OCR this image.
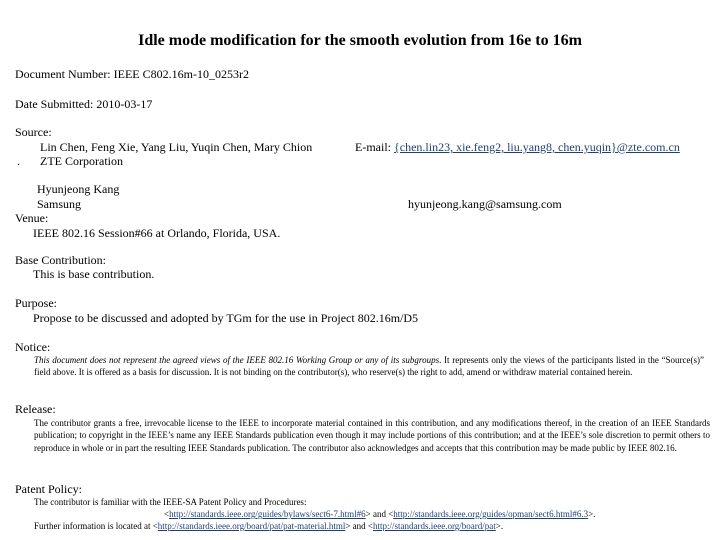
Idle mode modification for the smooth evolution from 16e to 16m
Document Number: IEEE C802.16m-10_0253r2
Date Submitted: 2010-03-17
Source:
Lin Chen, Feng Xie, Yang Liu, Yuqin Chen, Mary Chion
. ZTE Corporation
E-mail: {chen.lin23, xie.feng2, liu.yang8, chen.yuqin}@zte.com.cn
Hyunjeong Kang
Samsung	hyunjeong.kang@samsung.com
Venue:
IEEE 802.16 Session#66 at Orlando, Florida, USA.
Base Contribution:
This is base contribution.
Purpose:
Propose to be discussed and adopted by TGm for the use in Project 802.16m/D5
Notice:
This document does not represent the agreed views of the IEEE 802.16 Working Group or any of its subgroups. It represents only the views of the participants listed in the “Source(s)” field above. It is offered as a basis for discussion. It is not binding on the contributor(s), who reserve(s) the right to add, amend or withdraw material contained herein.
Release:
The contributor grants a free, irrevocable license to the IEEE to incorporate material contained in this contribution, and any modifications thereof, in the creation of an IEEE Standards publication; to copyright in the IEEE’s name any IEEE Standards publication even though it may include portions of this contribution; and at the IEEE’s sole discretion to permit others to reproduce in whole or in part the resulting IEEE Standards publication. The contributor also acknowledges and accepts that this contribution may be made public by IEEE 802.16.
Patent Policy:
The contributor is familiar with the IEEE-SA Patent Policy and Procedures:
<http://standards.ieee.org/guides/bylaws/sect6-7.html#6> and <http://standards.ieee.org/guides/opman/sect6.html#6.3>.
Further information is located at <http://standards.ieee.org/board/pat/pat-material.html> and <http://standards.ieee.org/board/pat>.
